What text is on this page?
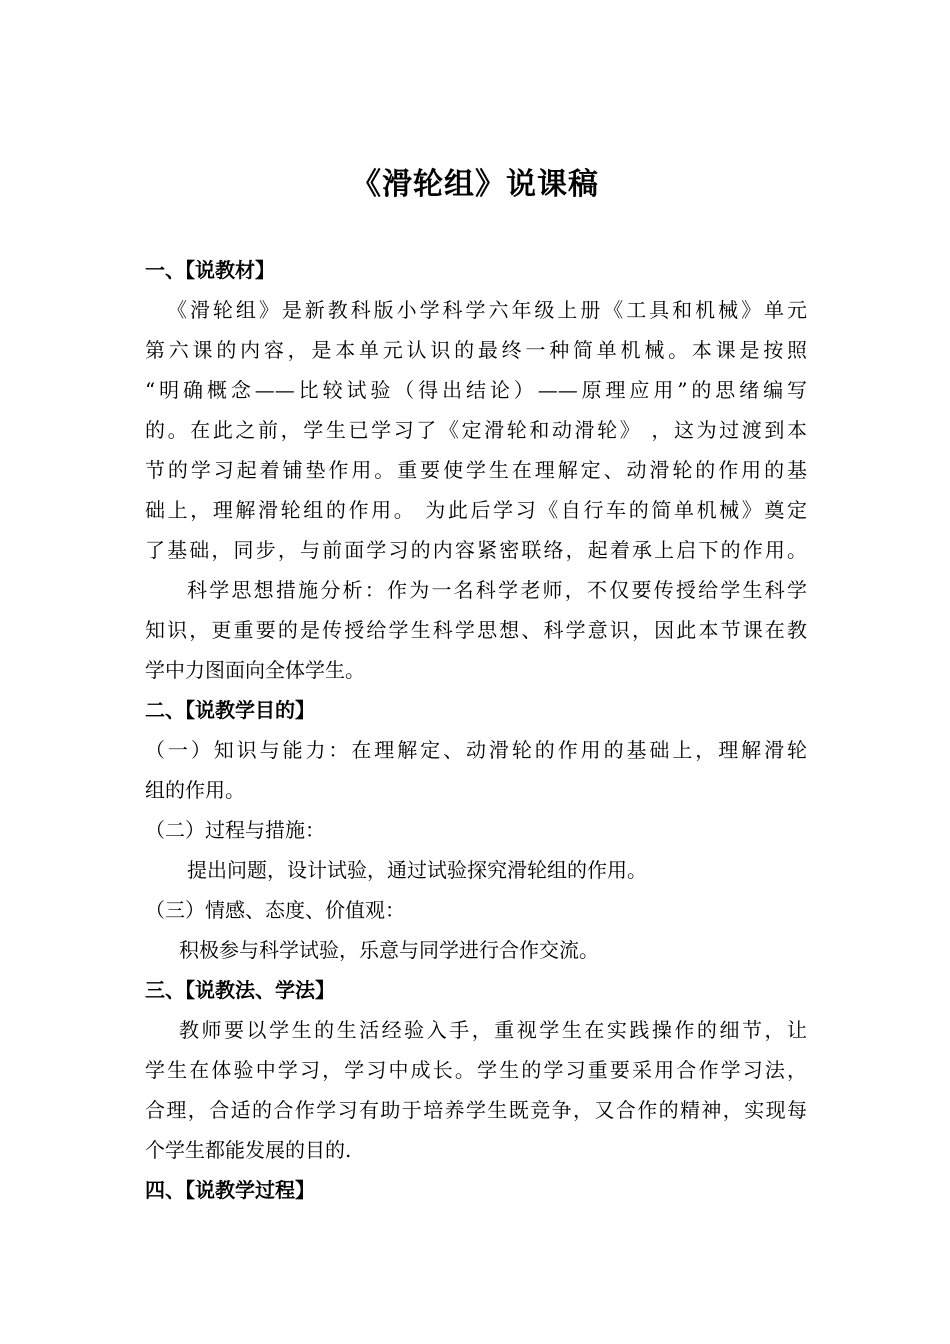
《滑轮组》说课稿
一、【说教材】
《滑轮组》是新教科版小学科学六年级上册《工具和机械》单元
第六课的内容，是本单元认识的最终一种简单机械。本课是按照
“明确概念——比较试验（得出结论）——原理应用”的思绪编写
的。在此之前，学生已学习了《定滑轮和动滑轮》 ，这为过渡到本
节的学习起着铺垫作用。重要使学生在理解定、动滑轮的作用的基
础上，理解滑轮组的作用。 为此后学习《自行车的简单机械》奠定
了基础，同步，与前面学习的内容紧密联络，起着承上启下的作用。
科学思想措施分析：作为一名科学老师，不仅要传授给学生科学
知识，更重要的是传授给学生科学思想、科学意识，因此本节课在教
学中力图面向全体学生。
二、【说教学目的】
（一）知识与能力：在理解定、动滑轮的作用的基础上，理解滑轮
组的作用。
（二）过程与措施：
提出问题，设计试验，通过试验探究滑轮组的作用。
（三）情感、态度、价值观：
积极参与科学试验，乐意与同学进行合作交流。
三、【说教法、学法】
教师要以学生的生活经验入手，重视学生在实践操作的细节，让
学生在体验中学习，学习中成长。学生的学习重要采用合作学习法，
合理，合适的合作学习有助于培养学生既竞争，又合作的精神，实现每
个学生都能发展的目的.
四、【说教学过程】
